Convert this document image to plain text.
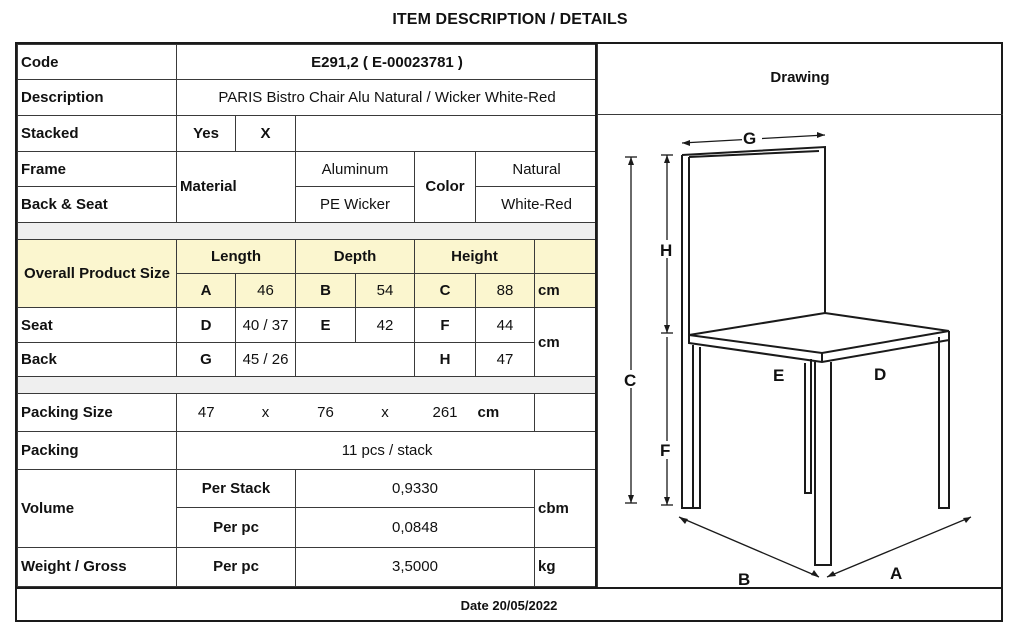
ITEM DESCRIPTION / DETAILS
Code	E291,2 ( E-00023781 )						
Description	PARIS Bistro Chair Alu Natural / Wicker White-Red						
Stacked	Yes	X					
Frame	Material		Aluminum		Color	Natural	
Back & Seat			PE Wicker			White-Red	

Overall Product Size	Length		Depth		Height		
	A	46	B	54	C	88	cm
Seat	D	40 / 37	E	42	F	44	cm
Back	G	45 / 26			H	47	

Packing Size	47	x	76	x	261	cm	
Packing	11 pcs / stack						
Volume	Per Stack		0,9330				cbm
	Per pc		0,0848				
Weight / Gross	Per pc		3,5000				kg
Drawing
G
H
C	E	D
F
B	A
Date 20/05/2022
